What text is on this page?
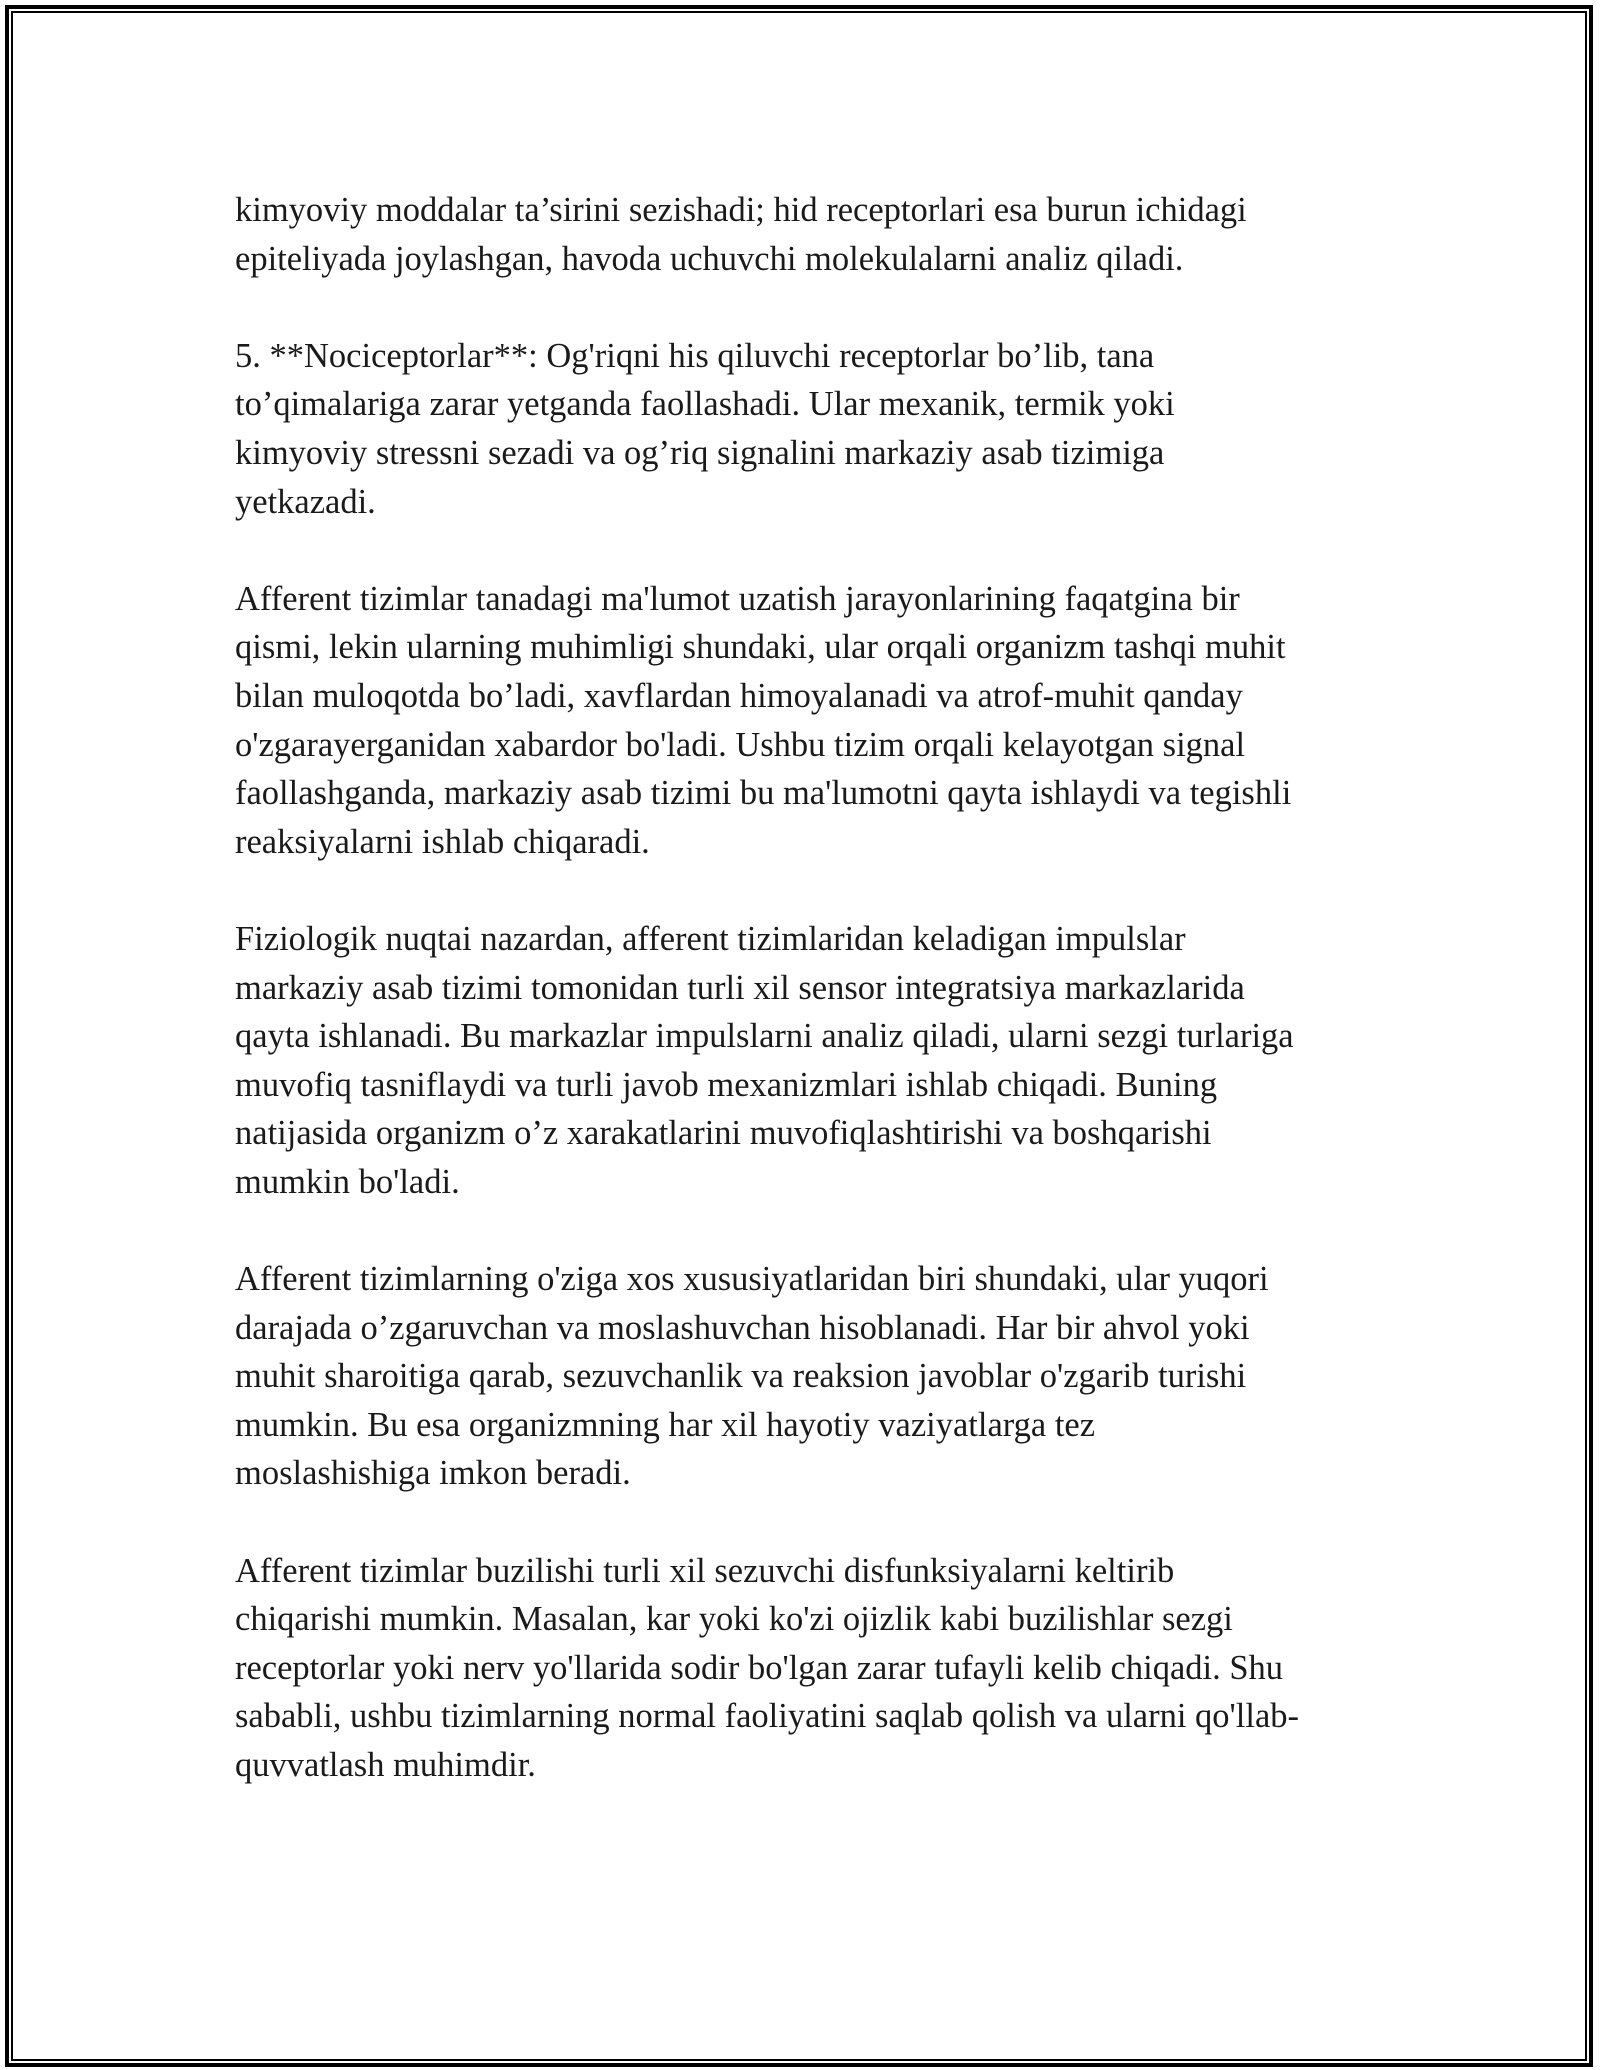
kimyoviy moddalar ta’sirini sezishadi; hid receptorlari esa burun ichidagi
epiteliyada joylashgan, havoda uchuvchi molekulalarni analiz qiladi.

5. **Nociceptorlar**: Og'riqni his qiluvchi receptorlar bo’lib, tana
to’qimalariga zarar yetganda faollashadi. Ular mexanik, termik yoki
kimyoviy stressni sezadi va og’riq signalini markaziy asab tizimiga
yetkazadi.

Afferent tizimlar tanadagi ma'lumot uzatish jarayonlarining faqatgina bir
qismi, lekin ularning muhimligi shundaki, ular orqali organizm tashqi muhit
bilan muloqotda bo’ladi, xavflardan himoyalanadi va atrof-muhit qanday
o'zgarayerganidan xabardor bo'ladi. Ushbu tizim orqali kelayotgan signal
faollashganda, markaziy asab tizimi bu ma'lumotni qayta ishlaydi va tegishli
reaksiyalarni ishlab chiqaradi.

Fiziologik nuqtai nazardan, afferent tizimlaridan keladigan impulslar
markaziy asab tizimi tomonidan turli xil sensor integratsiya markazlarida
qayta ishlanadi. Bu markazlar impulslarni analiz qiladi, ularni sezgi turlariga
muvofiq tasniflaydi va turli javob mexanizmlari ishlab chiqadi. Buning
natijasida organizm o’z xarakatlarini muvofiqlashtirishi va boshqarishi
mumkin bo'ladi.

Afferent tizimlarning o'ziga xos xususiyatlaridan biri shundaki, ular yuqori
darajada o’zgaruvchan va moslashuvchan hisoblanadi. Har bir ahvol yoki
muhit sharoitiga qarab, sezuvchanlik va reaksion javoblar o'zgarib turishi
mumkin. Bu esa organizmning har xil hayotiy vaziyatlarga tez
moslashishiga imkon beradi.

Afferent tizimlar buzilishi turli xil sezuvchi disfunksiyalarni keltirib
chiqarishi mumkin. Masalan, kar yoki ko'zi ojizlik kabi buzilishlar sezgi
receptorlar yoki nerv yo'llarida sodir bo'lgan zarar tufayli kelib chiqadi. Shu
sababli, ushbu tizimlarning normal faoliyatini saqlab qolish va ularni qo'llab-
quvvatlash muhimdir.
